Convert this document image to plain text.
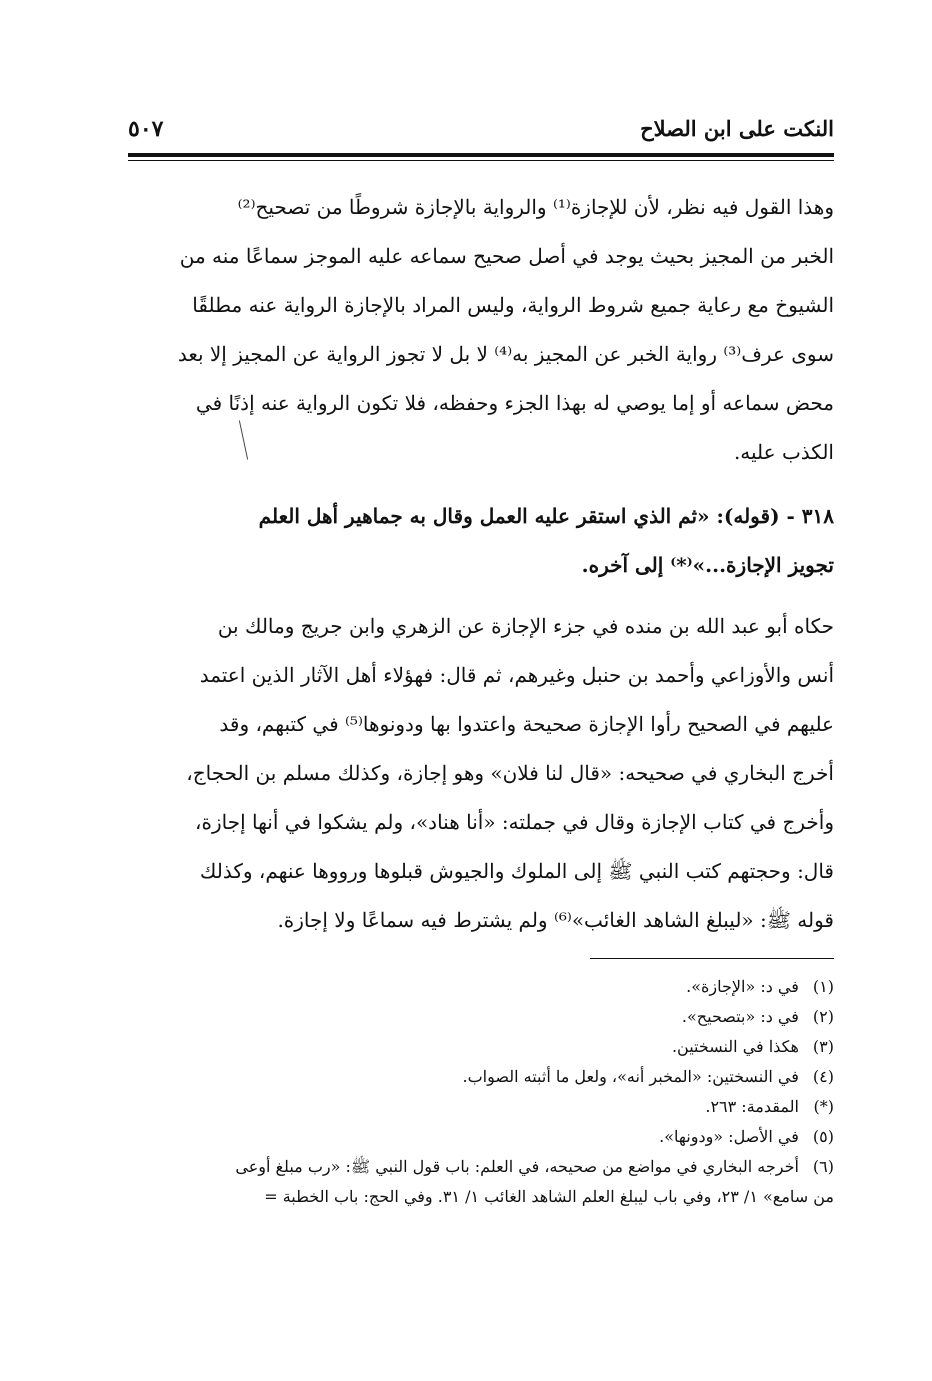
النكت على ابن الصلاح
٥٠٧
وهذا القول فيه نظر، لأن للإجازة⁽¹⁾ والرواية بالإجازة شروطًا من تصحيح⁽²⁾
الخبر من المجيز بحيث يوجد في أصل صحيح سماعه عليه الموجز سماعًا منه من
الشيوخ مع رعاية جميع شروط الرواية، وليس المراد بالإجازة الرواية عنه مطلقًا
سوى عرف⁽³⁾ رواية الخبر عن المجيز به⁽⁴⁾ لا بل لا تجوز الرواية عن المجيز إلا بعد
محض سماعه أو إما يوصي له بهذا الجزء وحفظه، فلا تكون الرواية عنه إذنًا في
الكذب عليه.
٣١٨ - (قوله): «ثم الذي استقر عليه العمل وقال به جماهير أهل العلم
تجويز الإجازة...»⁽*⁾ إلى آخره.
حكاه أبو عبد الله بن منده في جزء الإجازة عن الزهري وابن جريج ومالك بن
أنس والأوزاعي وأحمد بن حنبل وغيرهم، ثم قال: فهؤلاء أهل الآثار الذين اعتمد
عليهم في الصحيح رأوا الإجازة صحيحة واعتدوا بها ودونوها⁽⁵⁾ في كتبهم، وقد
أخرج البخاري في صحيحه: «قال لنا فلان» وهو إجازة، وكذلك مسلم بن الحجاج،
وأخرج في كتاب الإجازة وقال في جملته: «أنا هناد»، ولم يشكوا في أنها إجازة،
قال: وحجتهم كتب النبي ﷺ إلى الملوك والجيوش قبلوها ورووها عنهم، وكذلك
قوله ﷺ: «ليبلغ الشاهد الغائب»⁽⁶⁾ ولم يشترط فيه سماعًا ولا إجازة.
(١) في د: «الإجازة».
(٢) في د: «بتصحيح».
(٣) هكذا في النسختين.
(٤) في النسختين: «المخبر أنه»، ولعل ما أثبته الصواب.
(*) المقدمة: ٢٦٣.
(٥) في الأصل: «ودونها».
(٦) أخرجه البخاري في مواضع من صحيحه، في العلم: باب قول النبي ﷺ: «رب مبلغ أوعى
من سامع» ١/ ٢٣، وفي باب ليبلغ العلم الشاهد الغائب ١/ ٣١. وفي الحج: باب الخطبة =
